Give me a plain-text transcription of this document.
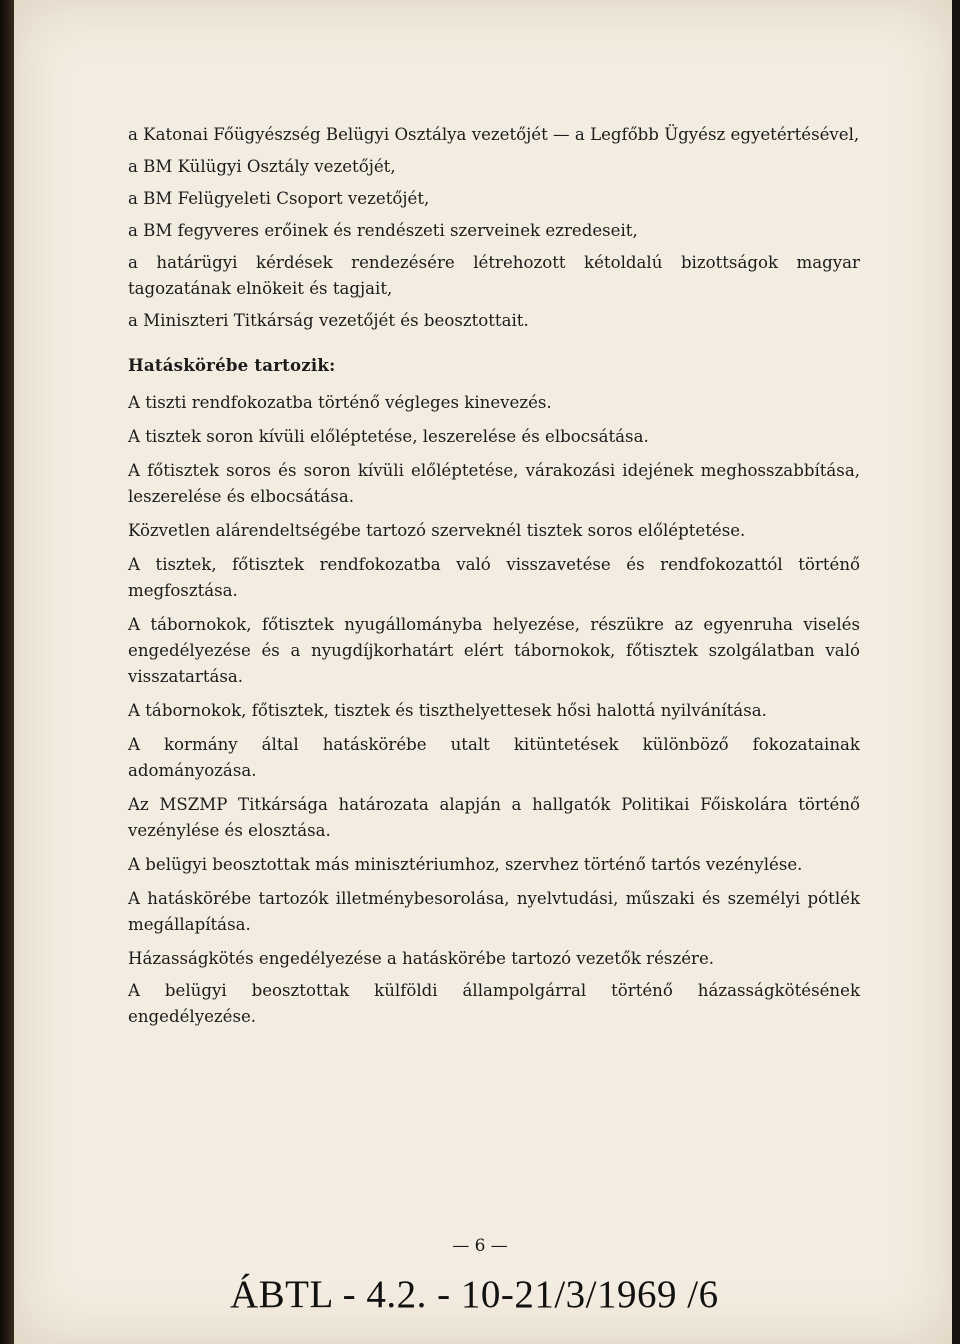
a Katonai Főügyészség Belügyi Osztálya vezetőjét — a Legfőbb Ügyész egyetértésével,

a BM Külügyi Osztály vezetőjét,

a BM Felügyeleti Csoport vezetőjét,

a BM fegyveres erőinek és rendészeti szerveinek ezredeseit,

a határügyi kérdések rendezésére létrehozott kétoldalú bizottságok magyar tagozatának elnökeit és tagjait,

a Miniszteri Titkárság vezetőjét és beosztottait.

Hatáskörébe tartozik:

A tiszti rendfokozatba történő végleges kinevezés.

A tisztek soron kívüli előléptetése, leszerelése és elbocsátása.

A főtisztek soros és soron kívüli előléptetése, várakozási idejének meghosszabbítása, leszerelése és elbocsátása.

Közvetlen alárendeltségébe tartozó szerveknél tisztek soros előléptetése.

A tisztek, főtisztek rendfokozatba való visszavetése és rendfokozattól történő megfosztása.

A tábornokok, főtisztek nyugállományba helyezése, részükre az egyenruha viselés engedélyezése és a nyugdíjkorhatárt elért tábornokok, főtisztek szolgálatban való visszatartása.

A tábornokok, főtisztek, tisztek és tiszthelyettesek hősi halottá nyilvánítása.

A kormány által hatáskörébe utalt kitüntetések különböző fokozatainak adományozása.

Az MSZMP Titkársága határozata alapján a hallgatók Politikai Főiskolára történő vezénylése és elosztása.

A belügyi beosztottak más minisztériumhoz, szervhez történő tartós vezénylése.

A hatáskörébe tartozók illetménybesorolása, nyelvtudási, műszaki és személyi pótlék megállapítása.

Házasságkötés engedélyezése a hatáskörébe tartozó vezetők részére.

A belügyi beosztottak külföldi állampolgárral történő házasságkötésének engedélyezése.

— 6 —
ÁBTL - 4.2. - 10-21/3/1969 /6
